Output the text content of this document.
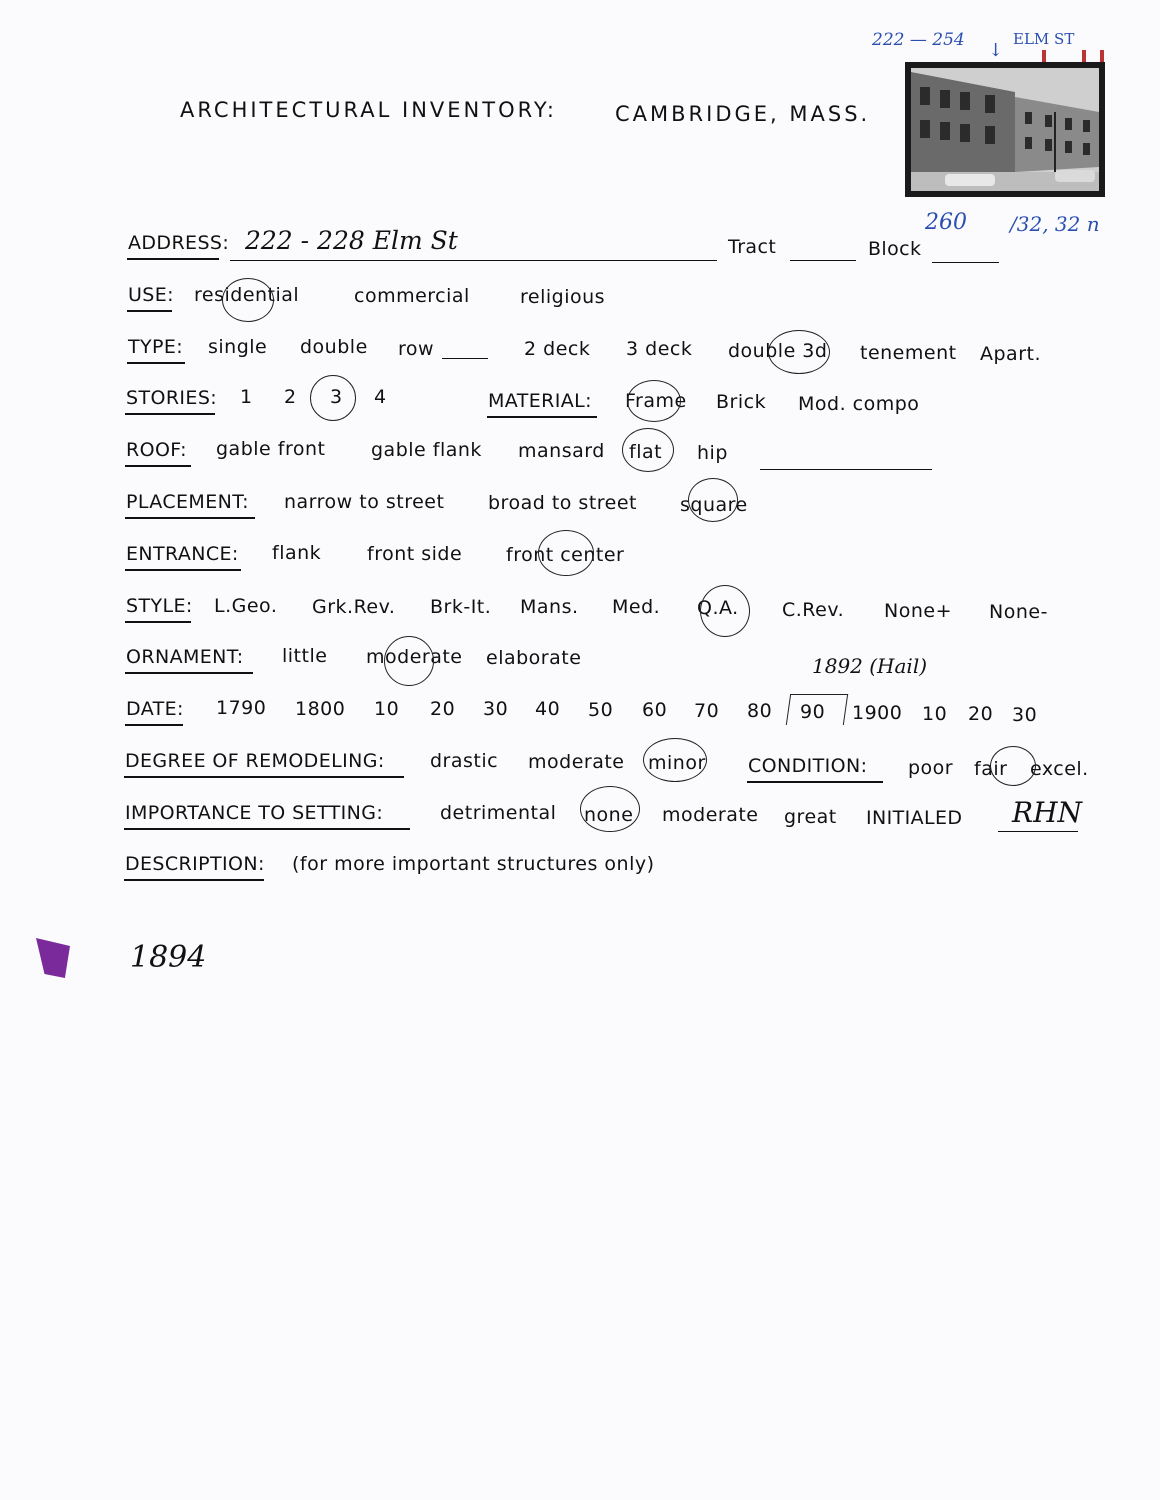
ARCHITECTURAL INVENTORY:	CAMBRIDGE, MASS.
222 — 254 ↓
ELM ST
260 /32, 32 n
ADDRESS: 222 - 228 Elm St	Tract	Block
USE: residential	commercial	religious
TYPE: single double row	2 deck 3 deck double 3d tenement Apart.
STORIES: 1 2 3 4	MATERIAL: Frame Brick Mod. compo
ROOF: gable front gable flank mansard flat hip
PLACEMENT: narrow to street broad to street square
ENTRANCE: flank front side front center
STYLE: L.Geo. Grk.Rev. Brk-It. Mans. Med. Q.A. C.Rev. None+ None-
ORNAMENT: little moderate elaborate	1892 (Hail)
DATE: 1790 1800 10 20 30 40 50 60 70 80 90 1900 10 20 30
DEGREE OF REMODELING: drastic moderate minor CONDITION: poor fair excel.
IMPORTANCE TO SETTING:	detrimental none moderate great INITIALED RHN
DESCRIPTION: (for more important structures only)
1894
